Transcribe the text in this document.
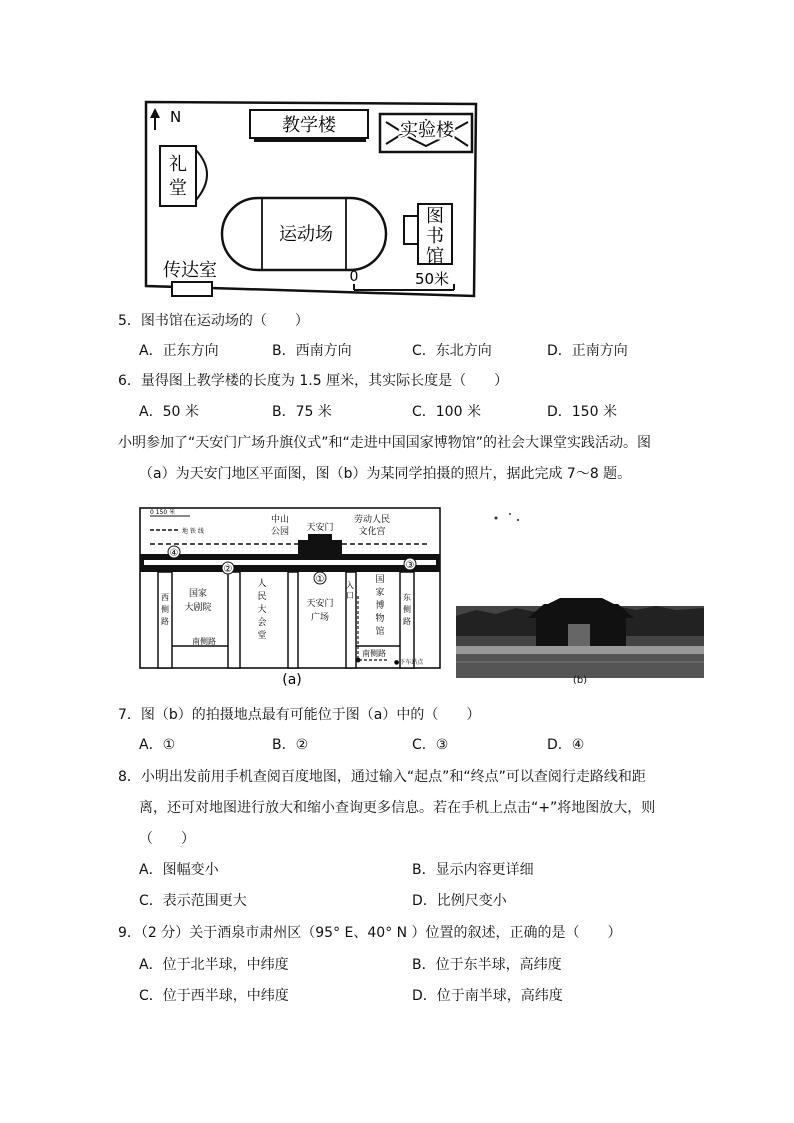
N	教学楼	实验楼
礼
堂
运动场
图
书
馆
传达室	0	50米
5．图书馆在运动场的（　　）
A．正东方向	B．西南方向	C．东北方向	D．正南方向
6．量得图上教学楼的长度为 1.5 厘米，其实际长度是（　　）
A．50 米	B．75 米	C．100 米	D．150 米
小明参加了“天安门广场升旗仪式”和“走进中国国家博物馆”的社会大课堂实践活动。图
（a）为天安门地区平面图，图（b）为某同学拍摄的照片，据此完成 7～8 题。
0 150 米
地 铁 线
④
②
①
③
中山
公园 天安门
劳动人民
文化宫
国家
大剧院
人
民
大
会
堂
天安门
广场
入
口
国
家
博
物
馆
西
侧
路
东
侧
路
南侧路
南侧路
●下车站点
(a)	(b)
7．图（b）的拍摄地点最有可能位于图（a）中的（　　）
A．①	B．②	C．③	D．④
8．小明出发前用手机查阅百度地图，通过输入“起点”和“终点”可以查阅行走路线和距
离，还可对地图进行放大和缩小查询更多信息。若在手机上点击“+”将地图放大，则
（　　）
A．图幅变小	B．显示内容更详细
C．表示范围更大	D．比例尺变小
9．（2 分）关于酒泉市肃州区（95° E、40° N ）位置的叙述，正确的是（　　）
A．位于北半球，中纬度	B．位于东半球，高纬度
C．位于西半球，中纬度	D．位于南半球，高纬度
